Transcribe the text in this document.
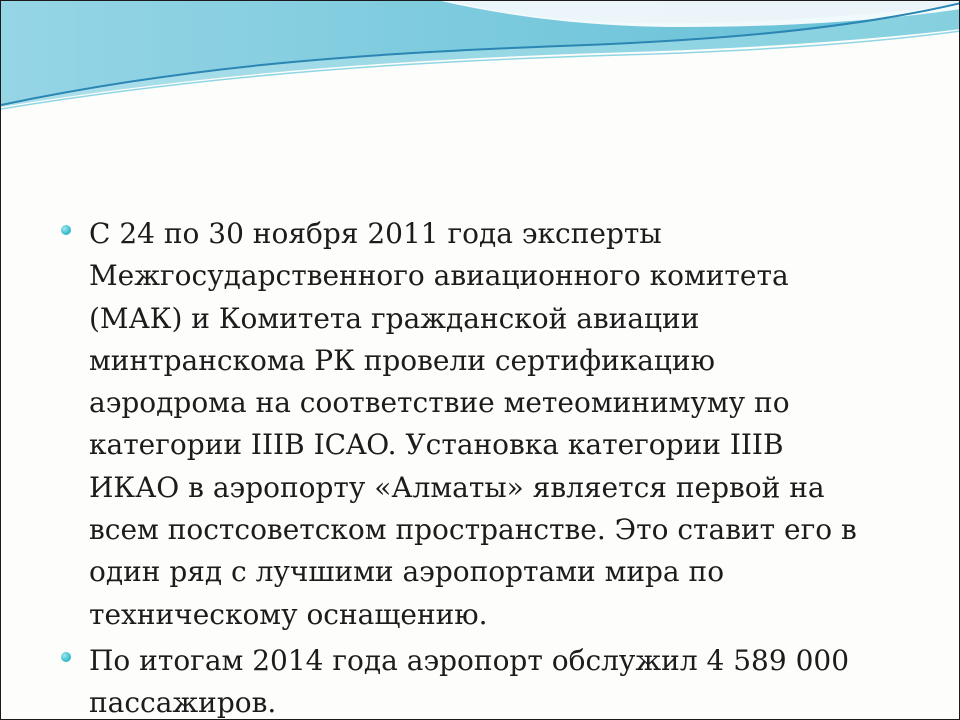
С 24 по 30 ноября 2011 года эксперты
Межгосударственного авиационного комитета
(МАК) и Комитета гражданской авиации
минтранскома РК провели сертификацию
аэродрома на соответствие метеоминимуму по
категории IIIB ICAO. Установка категории IIIB
ИКАО в аэропорту «Алматы» является первой на
всем постсоветском пространстве. Это ставит его в
один ряд с лучшими аэропортами мира по
техническому оснащению.
По итогам 2014 года аэропорт обслужил 4 589 000
пассажиров.
